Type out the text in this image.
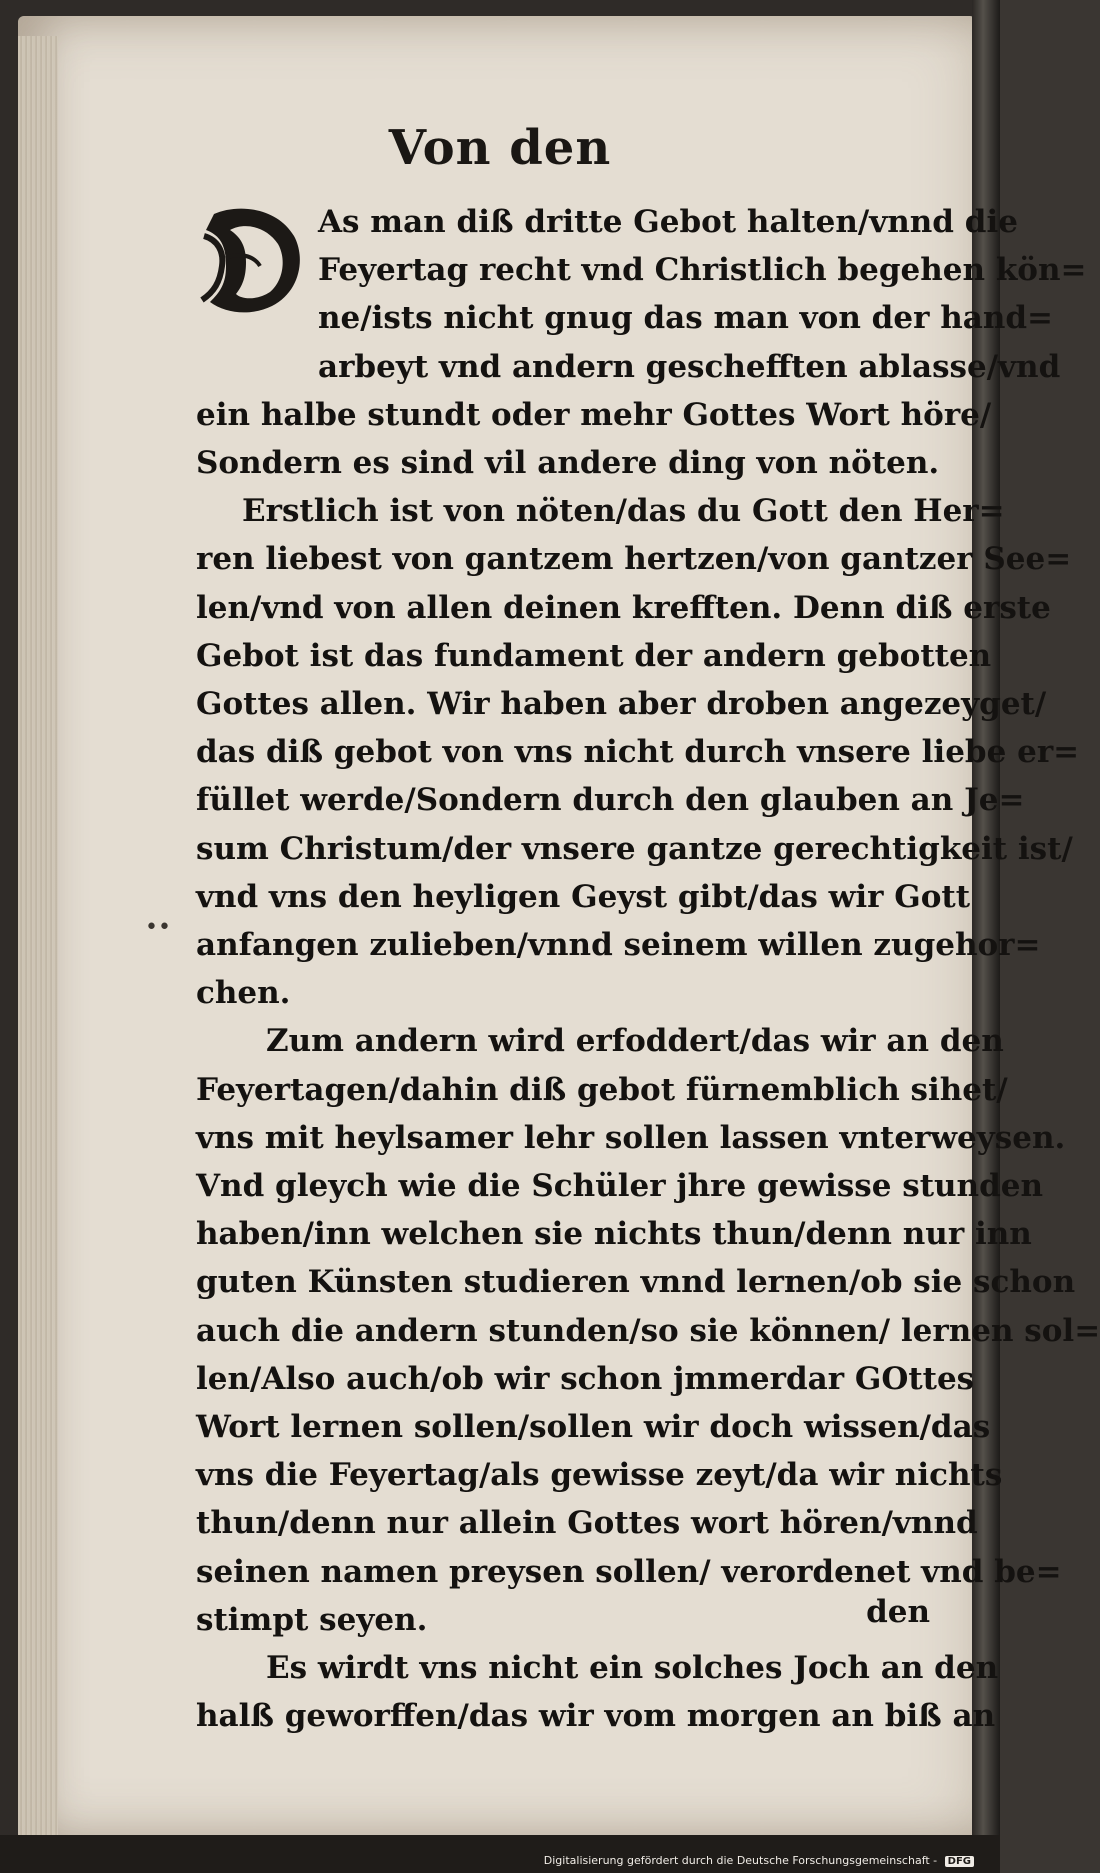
Von den
••
As man diß dritte Gebot halten/vnnd die
Feyertag recht vnd Christlich begehen kön=
ne/ists nicht gnug das man von der hand=
arbeyt vnd andern geschefften ablasse/vnd
ein halbe stundt oder mehr Gottes Wort höre/
Sondern es sind vil andere ding von nöten.
Erstlich ist von nöten/das du Gott den Her=
ren liebest von gantzem hertzen/von gantzer See=
len/vnd von allen deinen krefften. Denn diß erste
Gebot ist das fundament der andern gebotten
Gottes allen. Wir haben aber droben angezeyget/
das diß gebot von vns nicht durch vnsere liebe er=
füllet werde/Sondern durch den glauben an Je=
sum Christum/der vnsere gantze gerechtigkeit ist/
vnd vns den heyligen Geyst gibt/das wir Gott
anfangen zulieben/vnnd seinem willen zugehor=
chen.
Zum andern wird erfoddert/das wir an den
Feyertagen/dahin diß gebot fürnemblich sihet/
vns mit heylsamer lehr sollen lassen vnterweysen.
Vnd gleych wie die Schüler jhre gewisse stunden
haben/inn welchen sie nichts thun/denn nur inn
guten Künsten studieren vnnd lernen/ob sie schon
auch die andern stunden/so sie können/ lernen sol=
len/Also auch/ob wir schon jmmerdar GOttes
Wort lernen sollen/sollen wir doch wissen/das
vns die Feyertag/als gewisse zeyt/da wir nichts
thun/denn nur allein Gottes wort hören/vnnd
seinen namen preysen sollen/ verordenet vnd be=
stimpt seyen.
Es wirdt vns nicht ein solches Joch an den
halß geworffen/das wir vom morgen an biß an
den
Digitalisierung gefördert durch die Deutsche Forschungsgemeinschaft - DFG
